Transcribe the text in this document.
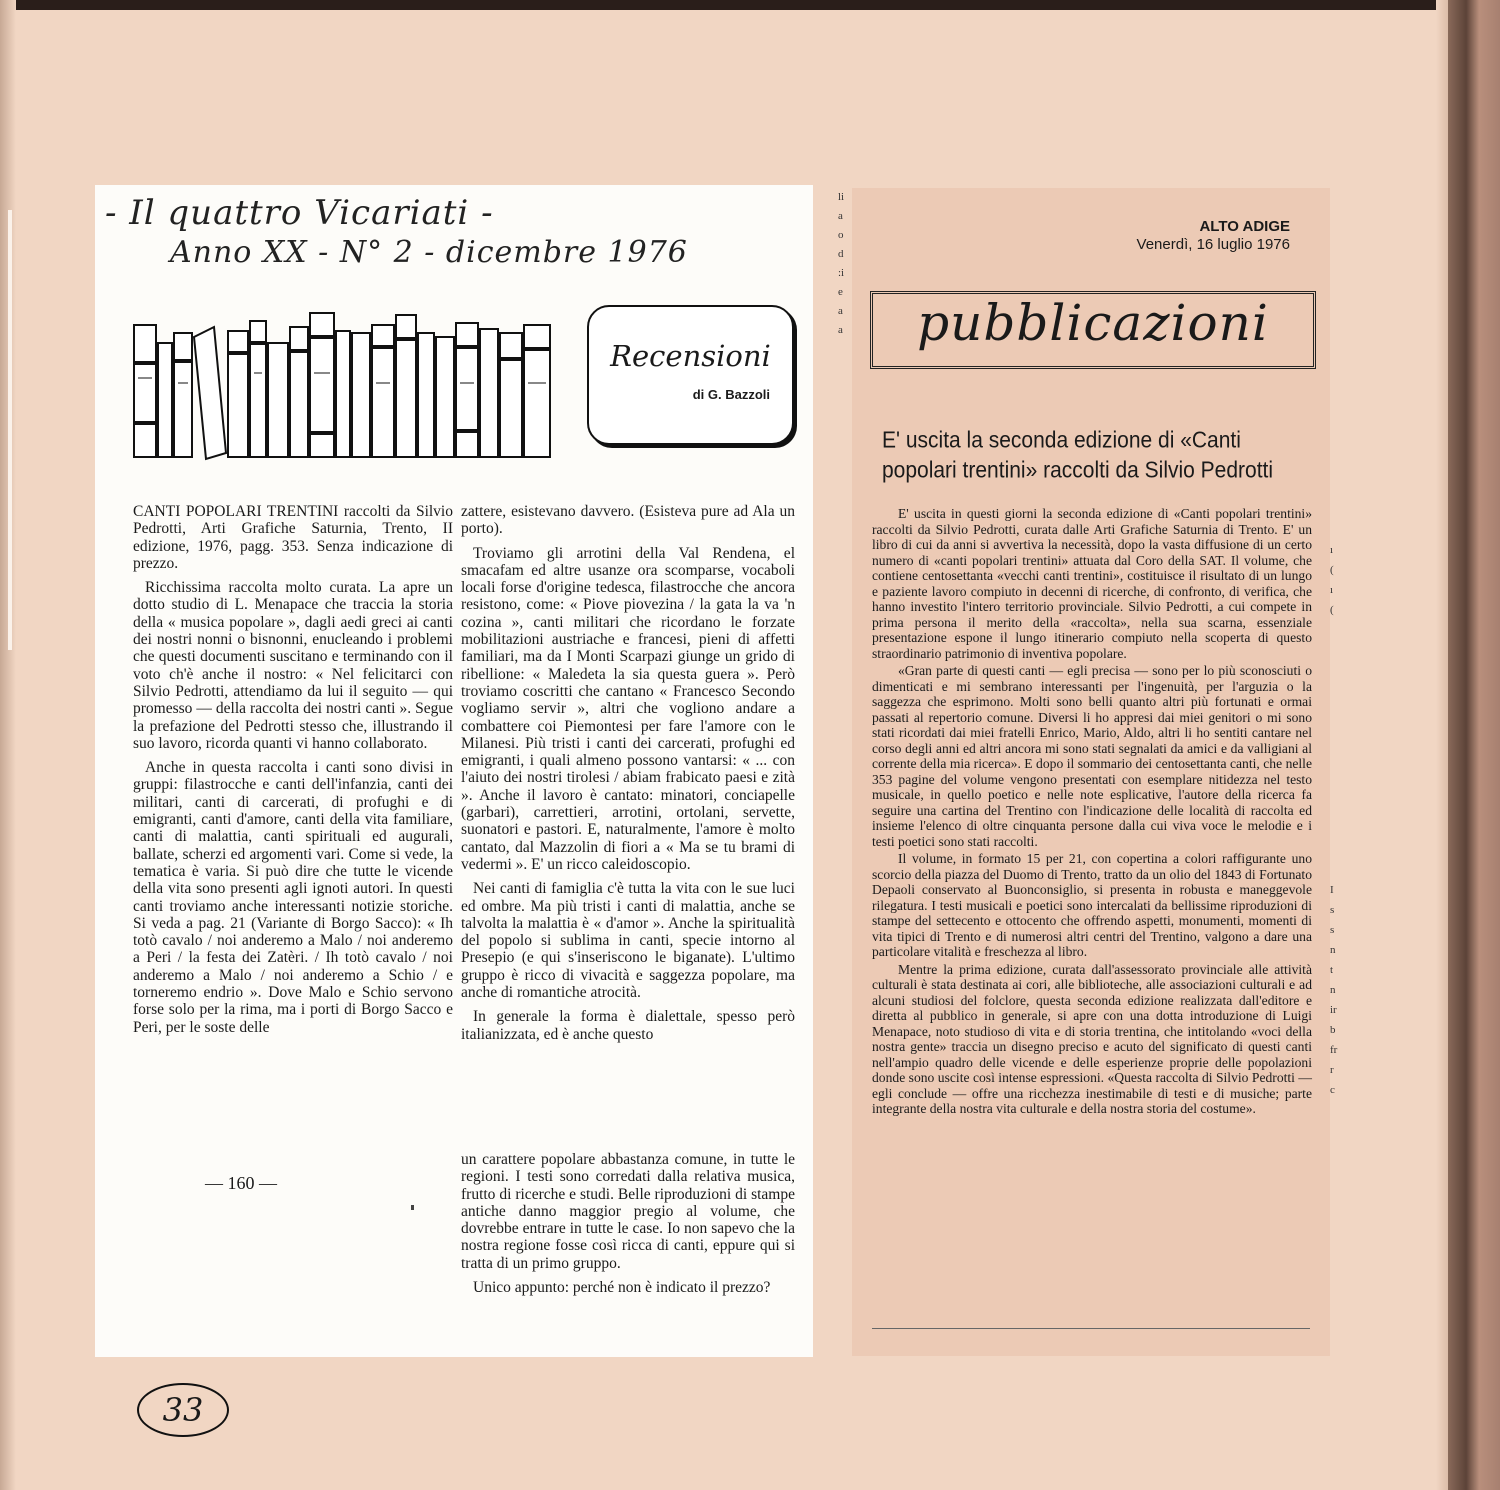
- Il quattro Vicariati -
Anno XX - N° 2 - dicembre 1976
Recensioni
di G. Bazzoli

CANTI POPOLARI TRENTINI raccolti da Silvio Pedrotti, Arti Grafiche Saturnia, Trento, II edizione, 1976, pagg. 353. Senza indicazione di prezzo.

Ricchissima raccolta molto curata. La apre un dotto studio di L. Menapace che traccia la storia della « musica popolare », dagli aedi greci ai canti dei nostri nonni o bisnonni, enucleando i problemi che questi documenti suscitano e terminando con il voto ch'è anche il nostro: « Nel felicitarci con Silvio Pedrotti, attendiamo da lui il seguito — qui promesso — della raccolta dei nostri canti ». Segue la prefazione del Pedrotti stesso che, illustrando il suo lavoro, ricorda quanti vi hanno collaborato.

Anche in questa raccolta i canti sono divisi in gruppi: filastrocche e canti dell'infanzia, canti dei militari, canti di carcerati, di profughi e di emigranti, canti d'amore, canti della vita familiare, canti di malattia, canti spirituali ed augurali, ballate, scherzi ed argomenti vari. Come si vede, la tematica è varia. Si può dire che tutte le vicende della vita sono presenti agli ignoti autori. In questi canti troviamo anche interessanti notizie storiche. Si veda a pag. 21 (Variante di Borgo Sacco): « Ih totò cavalo / noi anderemo a Malo / noi anderemo a Peri / la festa dei Zatèri. / Ih totò cavalo / noi anderemo a Malo / noi anderemo a Schio / e torneremo endrio ». Dove Malo e Schio servono forse solo per la rima, ma i porti di Borgo Sacco e Peri, per le soste delle

zattere, esistevano davvero. (Esisteva pure ad Ala un porto).

Troviamo gli arrotini della Val Rendena, el smacafam ed altre usanze ora scomparse, vocaboli locali forse d'origine tedesca, filastrocche che ancora resistono, come: « Piove piovezina / la gata la va 'n cozina », canti militari che ricordano le forzate mobilitazioni austriache e francesi, pieni di affetti familiari, ma da I Monti Scarpazi giunge un grido di ribellione: « Maledeta la sia questa guera ». Però troviamo coscritti che cantano « Francesco Secondo vogliamo servir », altri che vogliono andare a combattere coi Piemontesi per fare l'amore con le Milanesi. Più tristi i canti dei carcerati, profughi ed emigranti, i quali almeno possono vantarsi: « ... con l'aiuto dei nostri tirolesi / abiam frabicato paesi e zità ». Anche il lavoro è cantato: minatori, conciapelle (garbari), carrettieri, arrotini, ortolani, servette, suonatori e pastori. E, naturalmente, l'amore è molto cantato, dal Mazzolin di fiori a « Ma se tu brami di vedermi ». E' un ricco caleidoscopio.

Nei canti di famiglia c'è tutta la vita con le sue luci ed ombre. Ma più tristi i canti di malattia, anche se talvolta la malattia è « d'amor ». Anche la spiritualità del popolo si sublima in canti, specie intorno al Presepio (e qui s'inseriscono le biganate). L'ultimo gruppo è ricco di vivacità e saggezza popolare, ma anche di romantiche atrocità.

In generale la forma è dialettale, spesso però italianizzata, ed è anche questo

un carattere popolare abbastanza comune, in tutte le regioni. I testi sono corredati dalla relativa musica, frutto di ricerche e studi. Belle riproduzioni di stampe antiche danno maggior pregio al volume, che dovrebbe entrare in tutte le case. Io non sapevo che la nostra regione fosse così ricca di canti, eppure qui si tratta di un primo gruppo.

Unico appunto: perché non è indicato il prezzo?

— 160 —
li
a
o
d
:i
e
a
a
ı
(
ı
(

I
s
s
n
t
n
ir
b
fr
r
c
ALTO ADIGE
Venerdì, 16 luglio 1976
pubblicazioni
E' uscita la seconda edizione di «Canti popolari trentini» raccolti da Silvio Pedrotti

E' uscita in questi giorni la seconda edizione di «Canti popolari trentini» raccolti da Silvio Pedrotti, curata dalle Arti Grafiche Saturnia di Trento. E' un libro di cui da anni si avvertiva la necessità, dopo la vasta diffusione di un certo numero di «canti popolari trentini» attuata dal Coro della SAT. Il volume, che contiene centosettanta «vecchi canti trentini», costituisce il risultato di un lungo e paziente lavoro compiuto in decenni di ricerche, di confronto, di verifica, che hanno investito l'intero territorio provinciale. Silvio Pedrotti, a cui compete in prima persona il merito della «raccolta», nella sua scarna, essenziale presentazione espone il lungo itinerario compiuto nella scoperta di questo straordinario patrimonio di inventiva popolare.

«Gran parte di questi canti — egli precisa — sono per lo più sconosciuti o dimenticati e mi sembrano interessanti per l'ingenuità, per l'arguzia o la saggezza che esprimono. Molti sono belli quanto altri più fortunati e ormai passati al repertorio comune. Diversi li ho appresi dai miei genitori o mi sono stati ricordati dai miei fratelli Enrico, Mario, Aldo, altri li ho sentiti cantare nel corso degli anni ed altri ancora mi sono stati segnalati da amici e da valligiani al corrente della mia ricerca». E dopo il sommario dei centosettanta canti, che nelle 353 pagine del volume vengono presentati con esemplare nitidezza nel testo musicale, in quello poetico e nelle note esplicative, l'autore della ricerca fa seguire una cartina del Trentino con l'indicazione delle località di raccolta ed insieme l'elenco di oltre cinquanta persone dalla cui viva voce le melodie e i testi poetici sono stati raccolti.

Il volume, in formato 15 per 21, con copertina a colori raffigurante uno scorcio della piazza del Duomo di Trento, tratto da un olio del 1843 di Fortunato Depaoli conservato al Buonconsiglio, si presenta in robusta e maneggevole rilegatura. I testi musicali e poetici sono intercalati da bellissime riproduzioni di stampe del settecento e ottocento che offrendo aspetti, monumenti, momenti di vita tipici di Trento e di numerosi altri centri del Trentino, valgono a dare una particolare vitalità e freschezza al libro.

Mentre la prima edizione, curata dall'assessorato provinciale alle attività culturali è stata destinata ai cori, alle biblioteche, alle associazioni culturali e ad alcuni studiosi del folclore, questa seconda edizione realizzata dall'editore e diretta al pubblico in generale, si apre con una dotta introduzione di Luigi Menapace, noto studioso di vita e di storia trentina, che intitolando «voci della nostra gente» traccia un disegno preciso e acuto del significato di questi canti nell'ampio quadro delle vicende e delle esperienze proprie delle popolazioni donde sono uscite così intense espressioni. «Questa raccolta di Silvio Pedrotti — egli conclude — offre una ricchezza inestimabile di testi e di musiche; parte integrante della nostra vita culturale e della nostra storia del costume».

33
